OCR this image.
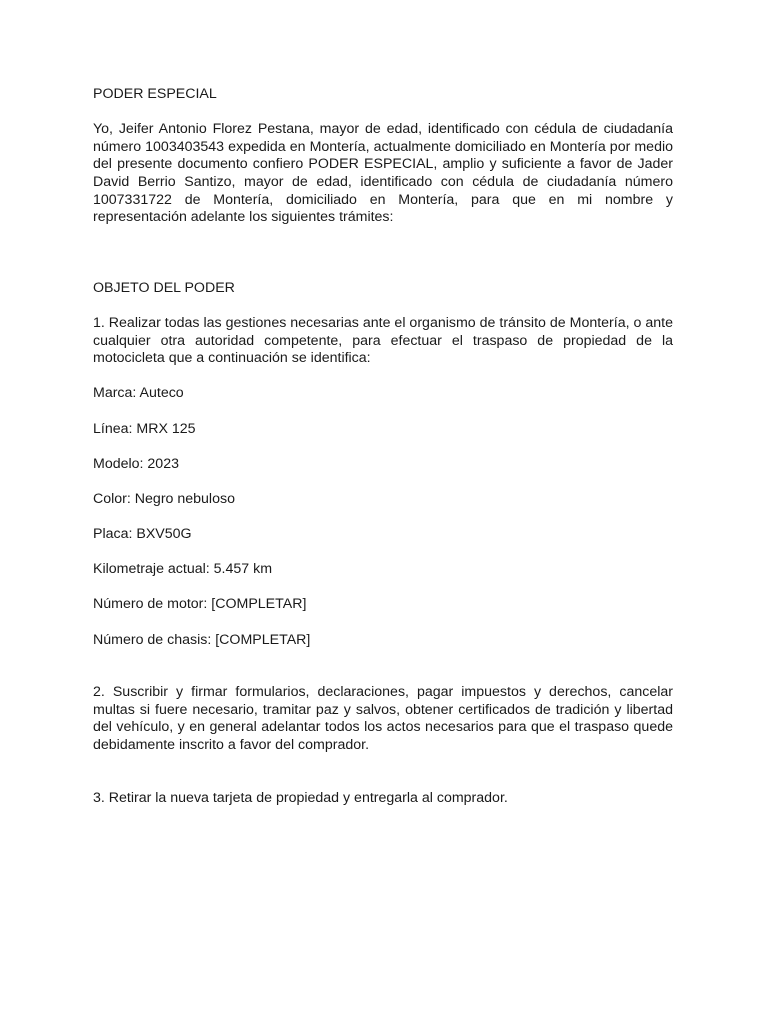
PODER ESPECIAL

Yo, Jeifer Antonio Florez Pestana, mayor de edad, identificado con cédula de ciudadanía número 1003403543 expedida en Montería, actualmente domiciliado en Montería por medio del presente documento confiero PODER ESPECIAL, amplio y suficiente a favor de Jader David Berrio Santizo, mayor de edad, identificado con cédula de ciudadanía número 1007331722 de Montería, domiciliado en Montería, para que en mi nombre y representación adelante los siguientes trámites:

OBJETO DEL PODER

1. Realizar todas las gestiones necesarias ante el organismo de tránsito de Montería, o ante cualquier otra autoridad competente, para efectuar el traspaso de propiedad de la motocicleta que a continuación se identifica:

Marca: Auteco

Línea: MRX 125

Modelo: 2023

Color: Negro nebuloso

Placa: BXV50G

Kilometraje actual: 5.457 km

Número de motor: [COMPLETAR]

Número de chasis: [COMPLETAR]

2. Suscribir y firmar formularios, declaraciones, pagar impuestos y derechos, cancelar multas si fuere necesario, tramitar paz y salvos, obtener certificados de tradición y libertad del vehículo, y en general adelantar todos los actos necesarios para que el traspaso quede debidamente inscrito a favor del comprador.

3. Retirar la nueva tarjeta de propiedad y entregarla al comprador.
